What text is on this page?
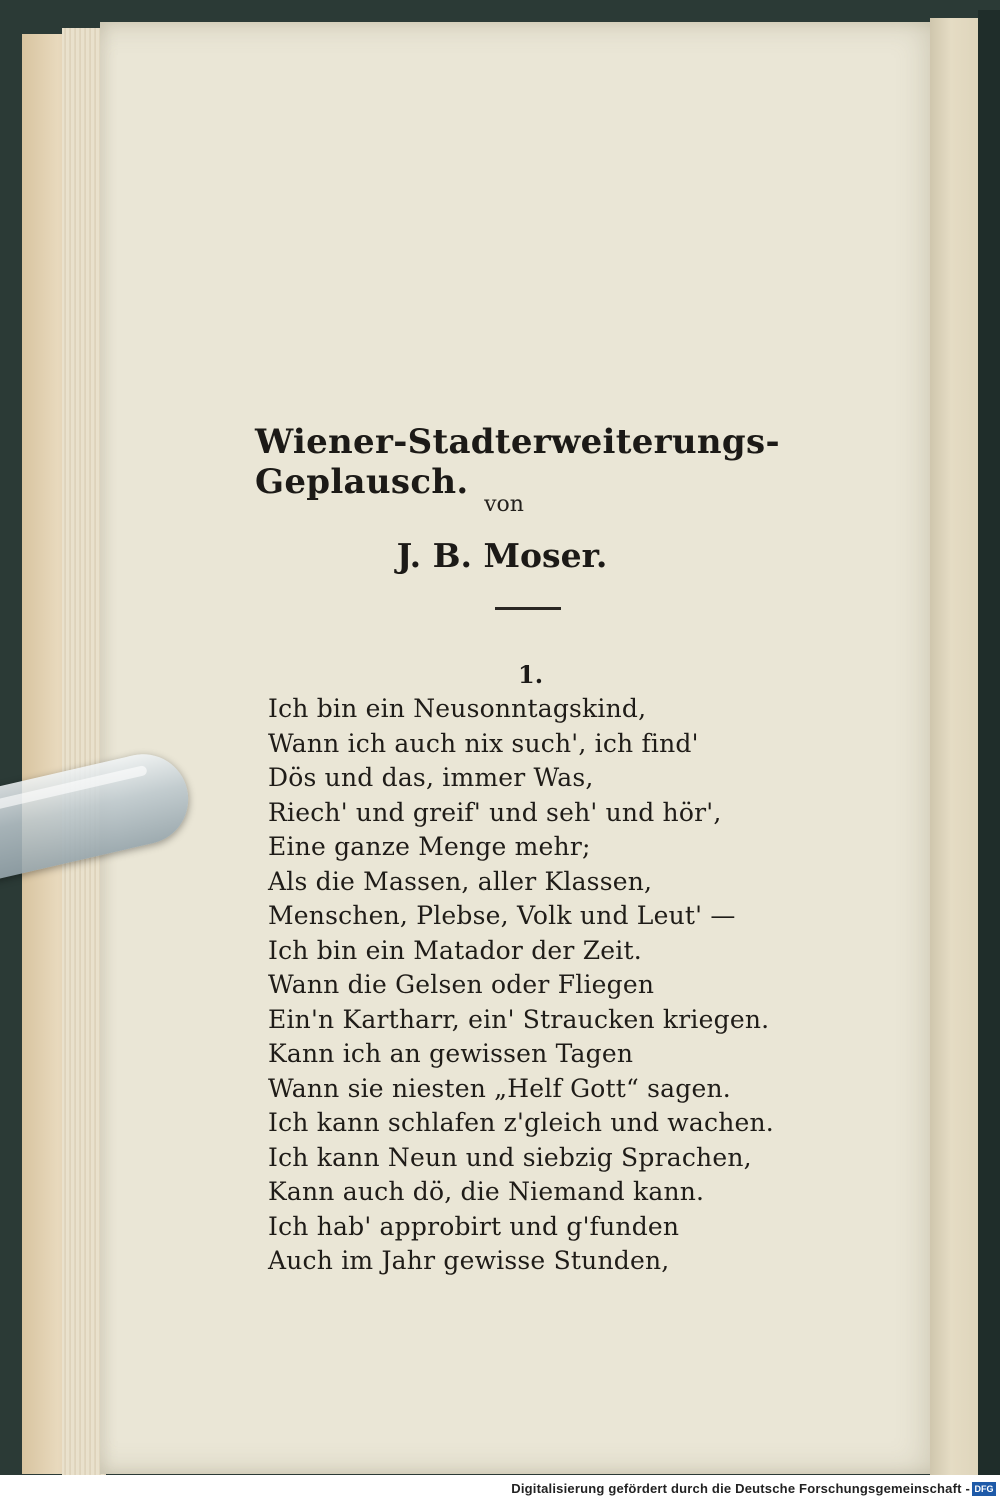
Wiener-Stadterweiterungs-Geplausch.
von
J. B. Moser.
1.
Ich bin ein Neusonntagskind,
Wann ich auch nix such', ich find'
Dös und das, immer Was,
Riech' und greif' und seh' und hör',
Eine ganze Menge mehr;
Als die Massen, aller Klassen,
Menschen, Plebse, Volk und Leut' —
Ich bin ein Matador der Zeit.
Wann die Gelsen oder Fliegen
Ein'n Kartharr, ein' Straucken kriegen.
Kann ich an gewissen Tagen
Wann sie niesten „Helf Gott“ sagen.
Ich kann schlafen z'gleich und wachen.
Ich kann Neun und siebzig Sprachen,
Kann auch dö, die Niemand kann.
Ich hab' approbirt und g'funden
Auch im Jahr gewisse Stunden,
Digitalisierung gefördert durch die Deutsche Forschungsgemeinschaft - DFG
